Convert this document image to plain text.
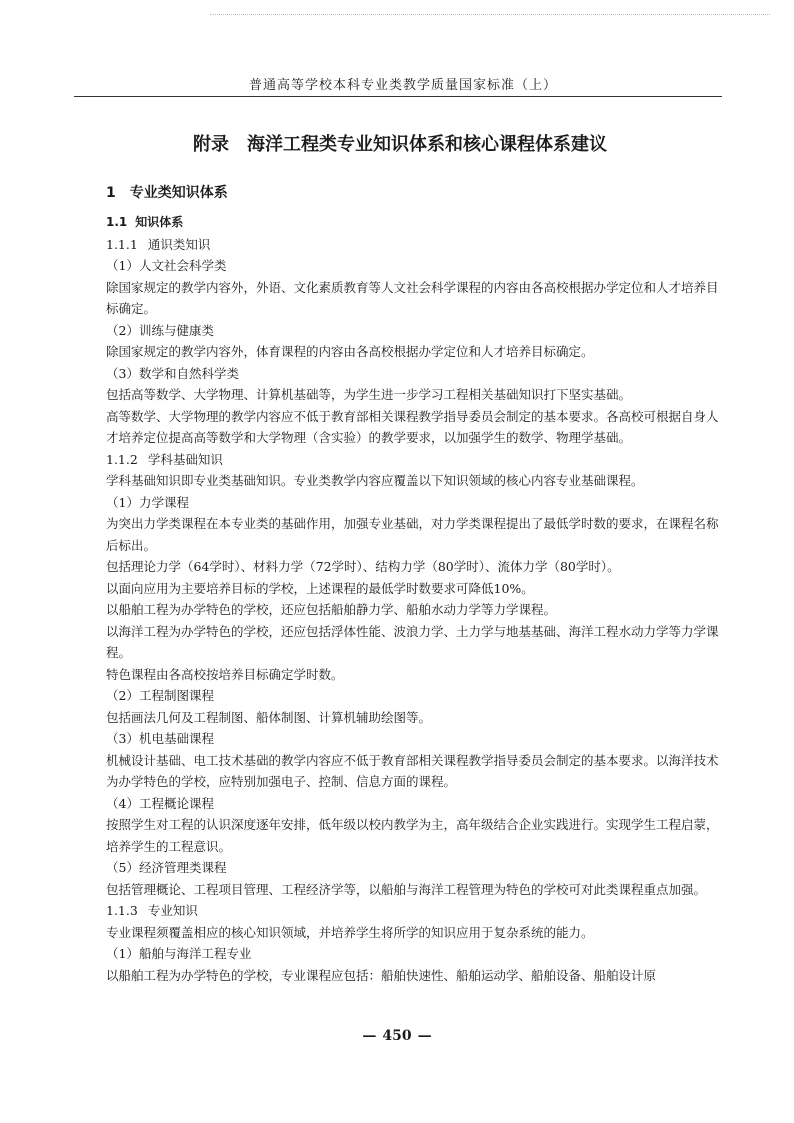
普通高等学校本科专业类教学质量国家标准（上）
附录　海洋工程类专业知识体系和核心课程体系建议
1 专业类知识体系

1.1 知识体系

1.1.1 通识类知识

（1）人文社会科学类

除国家规定的教学内容外，外语、文化素质教育等人文社会科学课程的内容由各高校根据办学定位和人才培养目标确定。

（2）训练与健康类

除国家规定的教学内容外，体育课程的内容由各高校根据办学定位和人才培养目标确定。

（3）数学和自然科学类

包括高等数学、大学物理、计算机基础等，为学生进一步学习工程相关基础知识打下坚实基础。

高等数学、大学物理的教学内容应不低于教育部相关课程教学指导委员会制定的基本要求。各高校可根据自身人才培养定位提高高等数学和大学物理（含实验）的教学要求，以加强学生的数学、物理学基础。

1.1.2 学科基础知识

学科基础知识即专业类基础知识。专业类教学内容应覆盖以下知识领域的核心内容专业基础课程。

（1）力学课程

为突出力学类课程在本专业类的基础作用，加强专业基础，对力学类课程提出了最低学时数的要求，在课程名称后标出。

包括理论力学（64学时）、材料力学（72学时）、结构力学（80学时）、流体力学（80学时）。

以面向应用为主要培养目标的学校，上述课程的最低学时数要求可降低10%。

以船舶工程为办学特色的学校，还应包括船舶静力学、船舶水动力学等力学课程。

以海洋工程为办学特色的学校，还应包括浮体性能、波浪力学、土力学与地基基础、海洋工程水动力学等力学课程。

特色课程由各高校按培养目标确定学时数。

（2）工程制图课程

包括画法几何及工程制图、船体制图、计算机辅助绘图等。

（3）机电基础课程

机械设计基础、电工技术基础的教学内容应不低于教育部相关课程教学指导委员会制定的基本要求。以海洋技术为办学特色的学校，应特别加强电子、控制、信息方面的课程。

（4）工程概论课程

按照学生对工程的认识深度逐年安排，低年级以校内教学为主，高年级结合企业实践进行。实现学生工程启蒙，培养学生的工程意识。

（5）经济管理类课程

包括管理概论、工程项目管理、工程经济学等，以船舶与海洋工程管理为特色的学校可对此类课程重点加强。

1.1.3 专业知识

专业课程须覆盖相应的核心知识领域，并培养学生将所学的知识应用于复杂系统的能力。

（1）船舶与海洋工程专业

以船舶工程为办学特色的学校，专业课程应包括：船舶快速性、船舶运动学、船舶设备、船舶设计原

— 450 —
